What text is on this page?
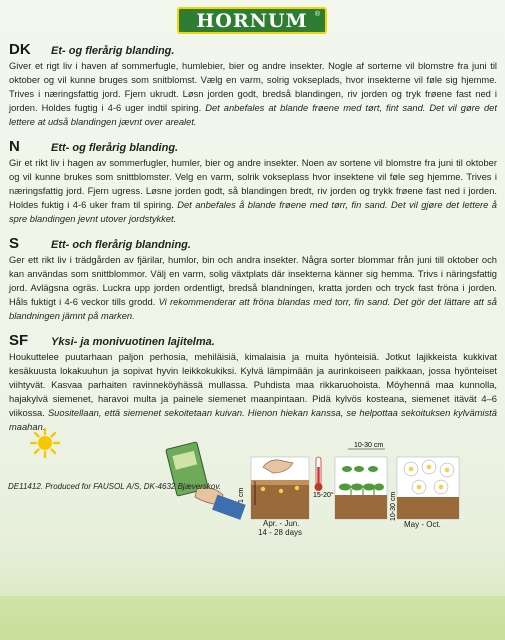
HORNUM ®
DK	Et- og flerårig blanding.

Giver et rigt liv i haven af sommerfugle, humlebier, bier og andre insekter. Nogle af sorterne vil blomstre fra juni til oktober og vil kunne bruges som snitblomst. Vælg en varm, solrig vokseplads, hvor insekterne vil føle sig hjemme. Trives i næringsfattig jord. Fjern ukrudt. Løsn jorden godt, bredså blandingen, riv jorden og tryk frøene fast ned i jorden. Holdes fugtig i 4-6 uger indtil spiring. Det anbefales at blande frøene med tørt, fint sand. Det vil gøre det lettere at udså blandingen jævnt over arealet.

N	Ett- og flerårig blanding.

Gir et rikt liv i hagen av sommerfugler, humler, bier og andre insekter. Noen av sortene vil blomstre fra juni til oktober og vil kunne brukes som snittblomster. Velg en varm, solrik vokseplass hvor insektene vil føle seg hjemme. Trives i næringsfattig jord. Fjern ugress. Løsne jorden godt, så blandingen bredt, riv jorden og trykk frøene fast ned i jorden. Holdes fuktig i 4-6 uker fram til spiring. Det anbefales å blande frøene med tørr, fin sand. Det vil gjøre det lettere å spre blandingen jevnt utover jordstykket.

S	Ett- och flerårig blandning.

Ger ett rikt liv i trädgården av fjärilar, humlor, bin och andra insekter. Några sorter blommar från juni till oktober och kan användas som snittblommor. Välj en varm, solig växtplats där insekterna känner sig hemma. Trivs i näringsfattig jord. Avlägsna ogräs. Luckra upp jorden ordentligt, bredså blandningen, kratta jorden och tryck fast fröna i jorden. Håls fuktigt i 4-6 veckor tills grodd. Vi rekommenderar att fröna blandas med torr, fin sand. Det gör det lättare att så blandningen jämnt på marken.

SF	Yksi- ja monivuotinen lajitelma.

Houkuttelee puutarhaan paljon perhosia, mehiläisiä, kimalaisia ja muita hyönteisiä. Jotkut lajikkeista kukkivat kesäkuusta lokakuuhun ja sopivat hyvin leikkokukiksi. Kylvä lämpimään ja aurinkoiseen paikkaan, jossa hyönteiset viihtyvät. Kasvaa parhaiten ravinneköyhässä mullassa. Puhdista maa rikkaruohoista. Möyhennä maa kunnolla, hajakylvä siemenet, haravoi multa ja painele siemenet maanpintaan. Pidä kylvös kosteana, siemenet itävät 4–6 viikossa. Suositellaan, että siemenet sekoitetaan kuivan. Hienon hiekan kanssa, se helpottaa sekoituksen kylvämistä maahan.

1 cm	15-20°
10-30 cm
10-30 cm
Apr. - Jun.
14 - 28 days
May - Oct.
DE11412. Produced for FAUSOL A/S, DK-4632 Bjæverskov.
